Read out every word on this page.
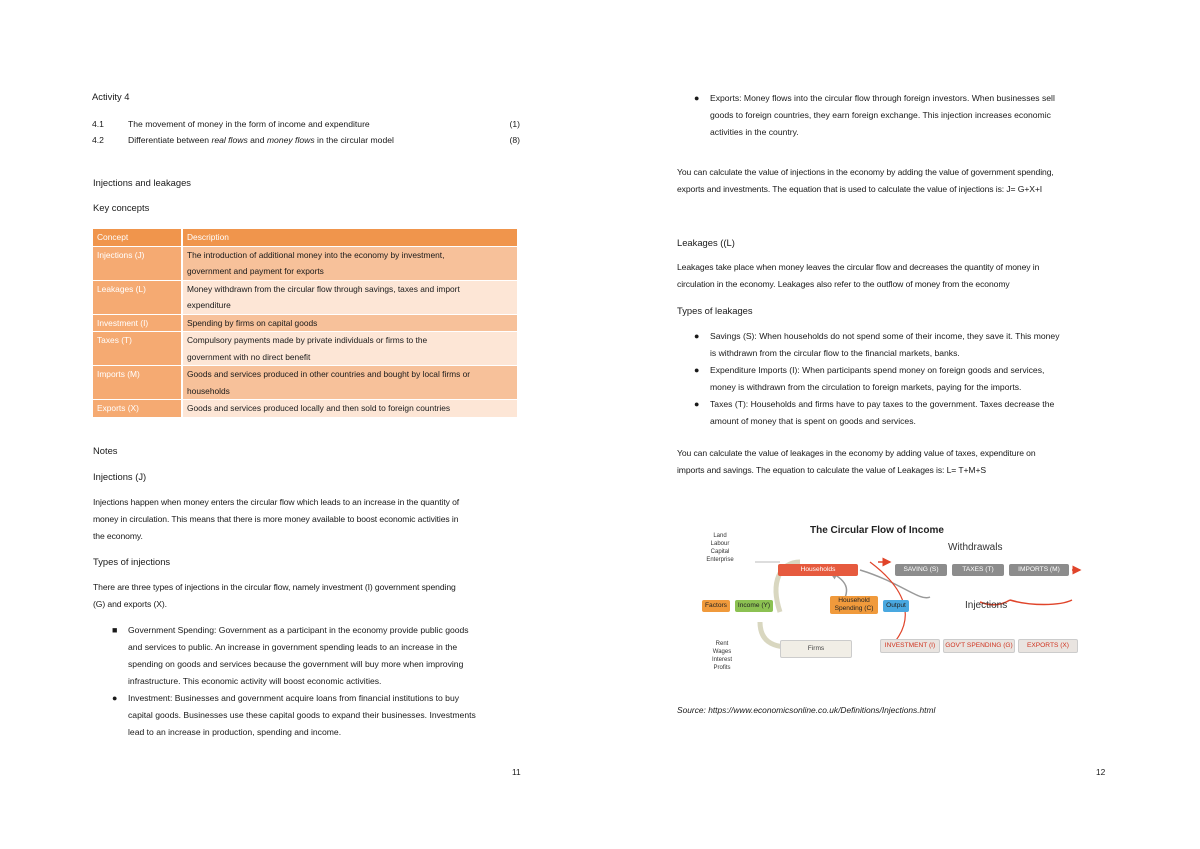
Activity 4
4.1	The movement of money in the form of income and expenditure	(1)
4.2	Differentiate between real flows and money flows in the circular model	(8)
Injections and leakages
Key concepts
Concept	Description
Injections (J)	The introduction of additional money into the economy by investment,
government and payment for exports

Leakages (L)	Money withdrawn from the circular flow through savings, taxes and import
expenditure

Investment (I)	Spending by firms on capital goods
Taxes (T)	Compulsory payments made by private individuals or firms to the
government with no direct benefit

Imports (M)	Goods and services produced in other countries and bought by local firms or
households

Exports (X)	Goods and services produced locally and then sold to foreign countries
Notes
Injections (J)
Injections happen when money enters the circular flow which leads to an increase in the quantity of
money in circulation. This means that there is more money available to boost economic activities in
the economy.
Types of injections
There are three types of injections in the circular flow, namely investment (I) government spending
(G) and exports (X).
■ Government Spending: Government as a participant in the economy provide public goods
and services to public. An increase in government spending leads to an increase in the
spending on goods and services because the government will buy more when improving
infrastructure. This economic activity will boost economic activities.
● Investment: Businesses and government acquire loans from financial institutions to buy
capital goods. Businesses use these capital goods to expand their businesses. Investments
lead to an increase in production, spending and income.
11
● Exports: Money flows into the circular flow through foreign investors. When businesses sell
goods to foreign countries, they earn foreign exchange. This injection increases economic
activities in the country.
You can calculate the value of injections in the economy by adding the value of government spending,
exports and investments. The equation that is used to calculate the value of injections is: J= G+X+I
Leakages ((L)
Leakages take place when money leaves the circular flow and decreases the quantity of money in
circulation in the economy. Leakages also refer to the outflow of money from the economy
Types of leakages
● Savings (S): When households do not spend some of their income, they save it. This money
is withdrawn from the circular flow to the financial markets, banks.
● Expenditure Imports (I): When participants spend money on foreign goods and services,
money is withdrawn from the circulation to foreign markets, paying for the imports.
● Taxes (T): Households and firms have to pay taxes to the government. Taxes decrease the
amount of money that is spent on goods and services.
You can calculate the value of leakages in the economy by adding value of taxes, expenditure on
imports and savings. The equation to calculate the value of Leakages is: L= T+M+S
The Circular Flow of Income
Withdrawals
Injections
Land
Labour
Capital
Enterprise
Rent
Wages
Interest
Profits
Households
Firms
Factors	Income (Y)
Household
Spending (C)	Output
SAVING (S)	TAXES (T)	IMPORTS (M)
INVESTMENT (I)	GOV'T SPENDING (G)	EXPORTS (X)
Source: https://www.economicsonline.co.uk/Definitions/Injections.html
12
